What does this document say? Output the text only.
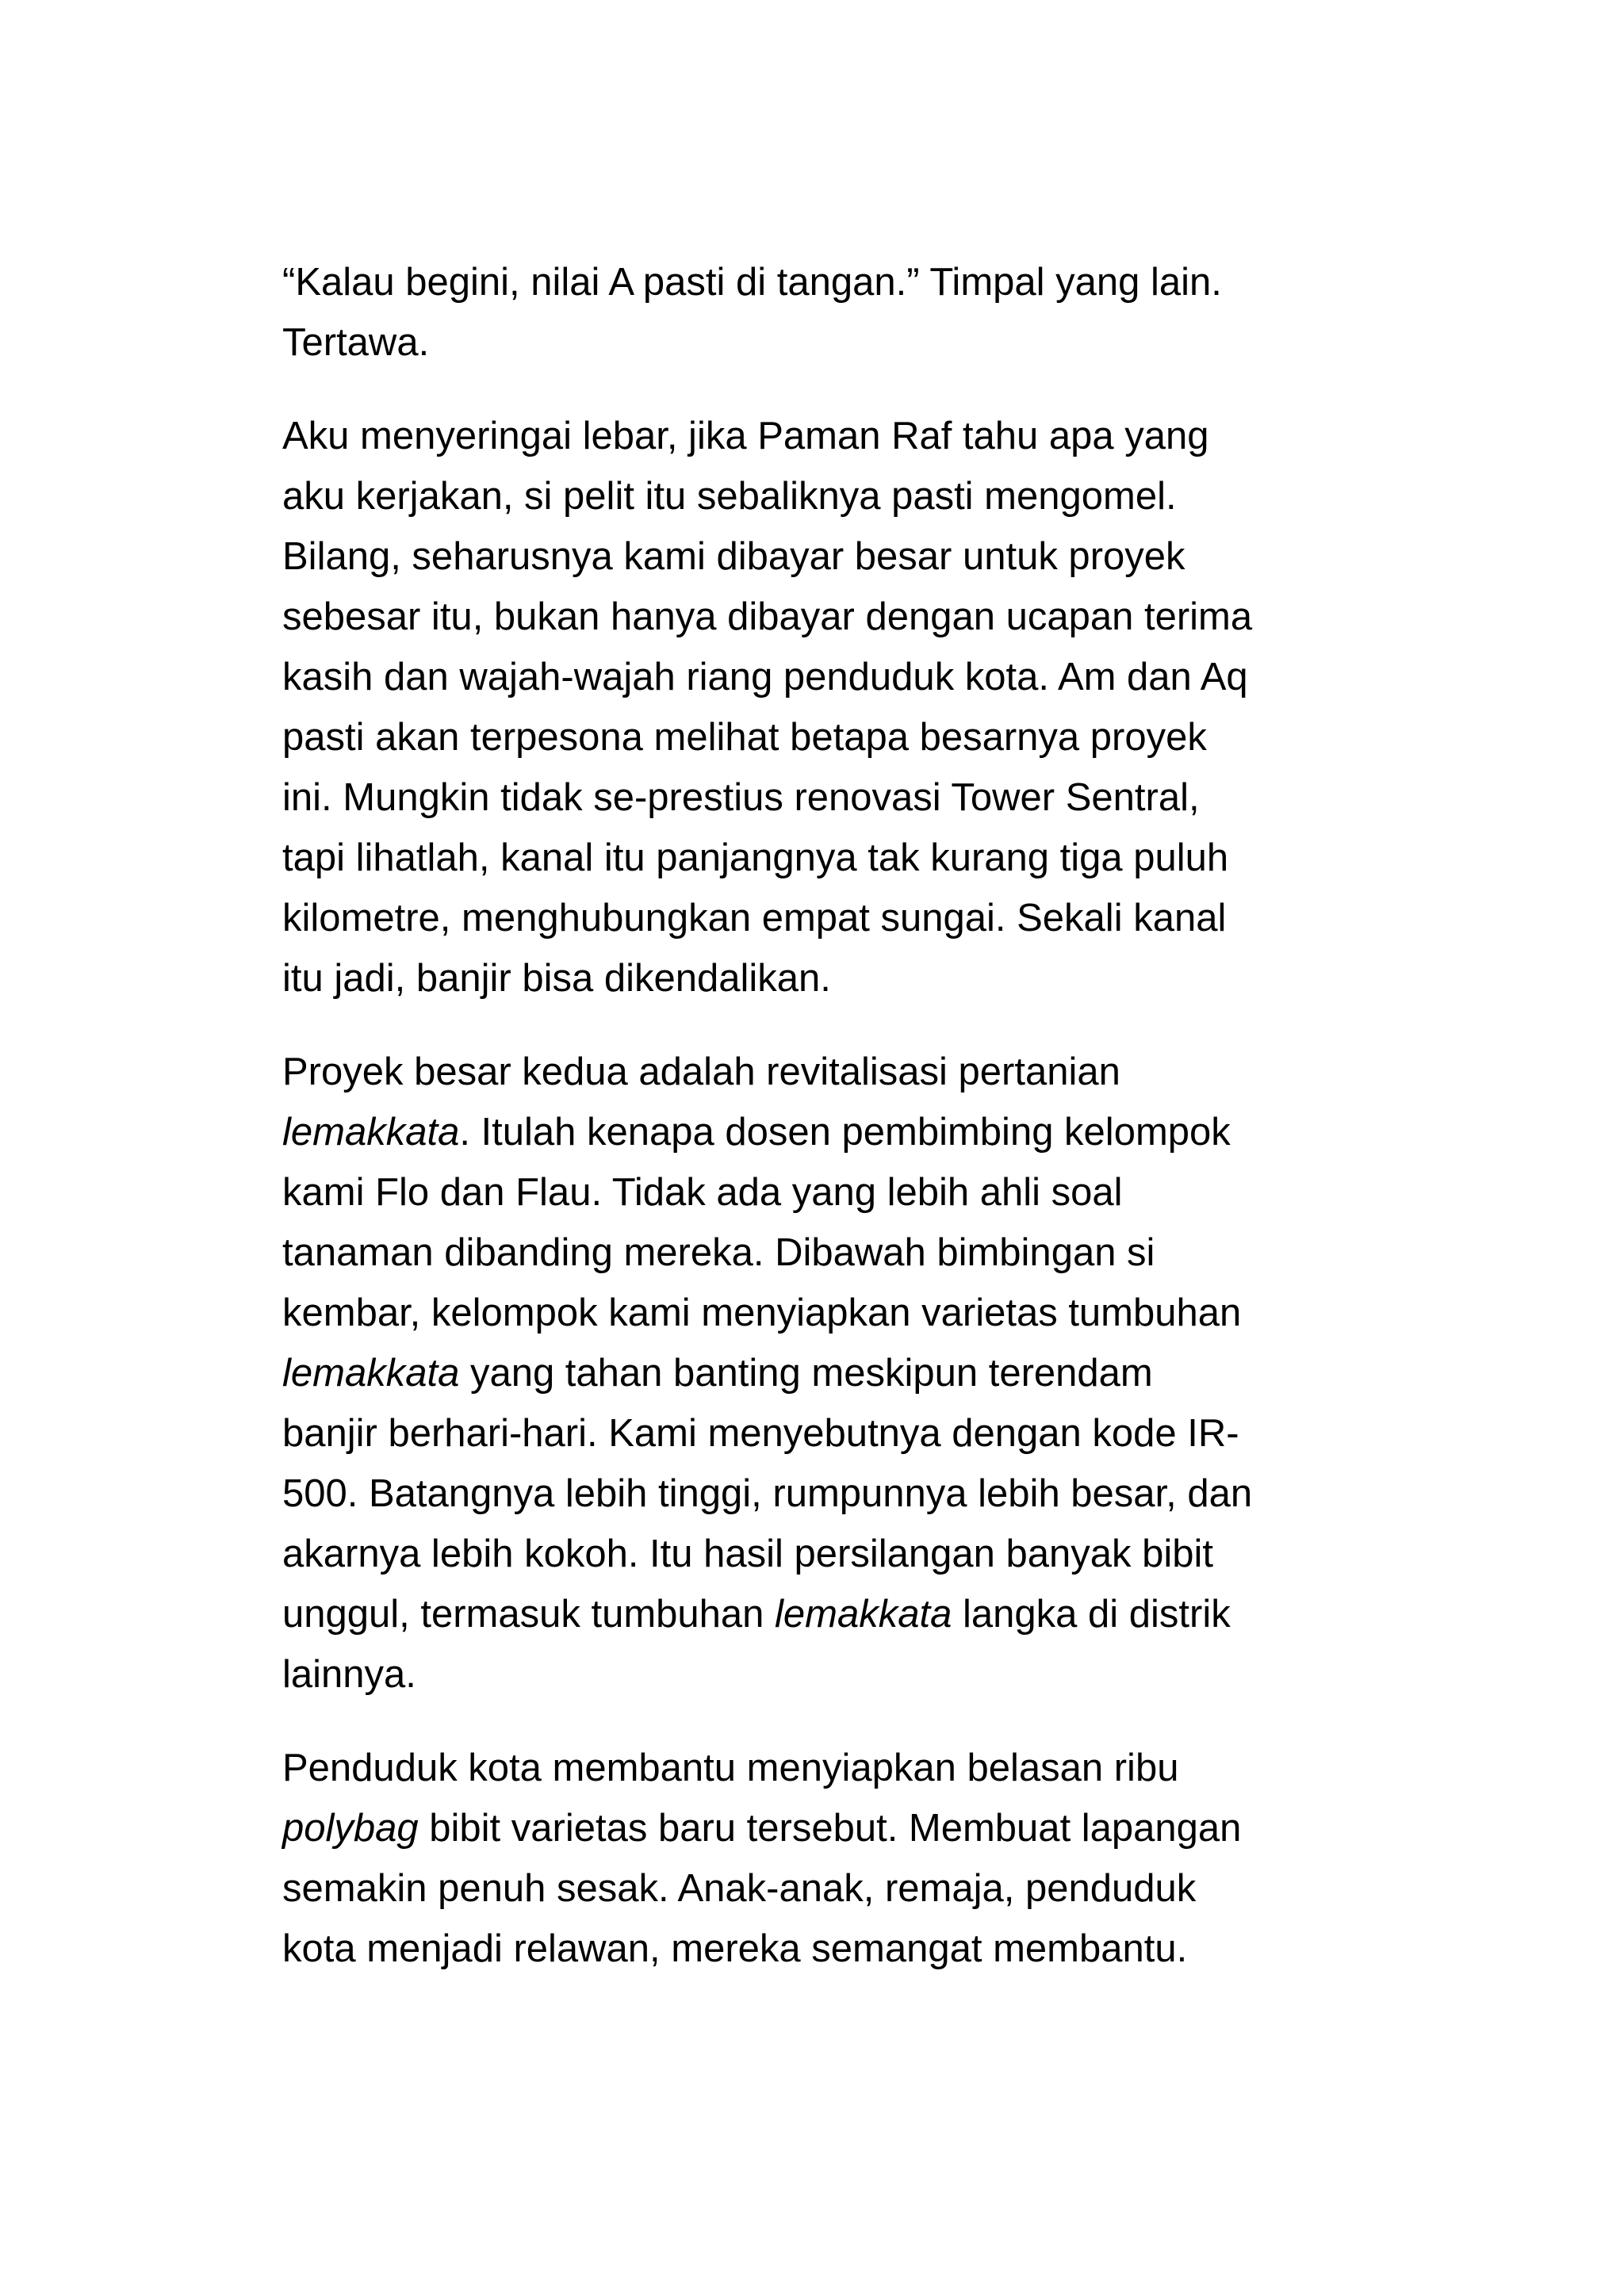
“Kalau begini, nilai A pasti di tangan.” Timpal yang lain.
Tertawa.

Aku menyeringai lebar, jika Paman Raf tahu apa yang
aku kerjakan, si pelit itu sebaliknya pasti mengomel.
Bilang, seharusnya kami dibayar besar untuk proyek
sebesar itu, bukan hanya dibayar dengan ucapan terima
kasih dan wajah-wajah riang penduduk kota. Am dan Aq
pasti akan terpesona melihat betapa besarnya proyek
ini. Mungkin tidak se-prestius renovasi Tower Sentral,
tapi lihatlah, kanal itu panjangnya tak kurang tiga puluh
kilometre, menghubungkan empat sungai. Sekali kanal
itu jadi, banjir bisa dikendalikan.

Proyek besar kedua adalah revitalisasi pertanian
lemakkata. Itulah kenapa dosen pembimbing kelompok
kami Flo dan Flau. Tidak ada yang lebih ahli soal
tanaman dibanding mereka. Dibawah bimbingan si
kembar, kelompok kami menyiapkan varietas tumbuhan
lemakkata yang tahan banting meskipun terendam
banjir berhari-hari. Kami menyebutnya dengan kode IR-
500. Batangnya lebih tinggi, rumpunnya lebih besar, dan
akarnya lebih kokoh. Itu hasil persilangan banyak bibit
unggul, termasuk tumbuhan lemakkata langka di distrik
lainnya.

Penduduk kota membantu menyiapkan belasan ribu
polybag bibit varietas baru tersebut. Membuat lapangan
semakin penuh sesak. Anak-anak, remaja, penduduk
kota menjadi relawan, mereka semangat membantu.
